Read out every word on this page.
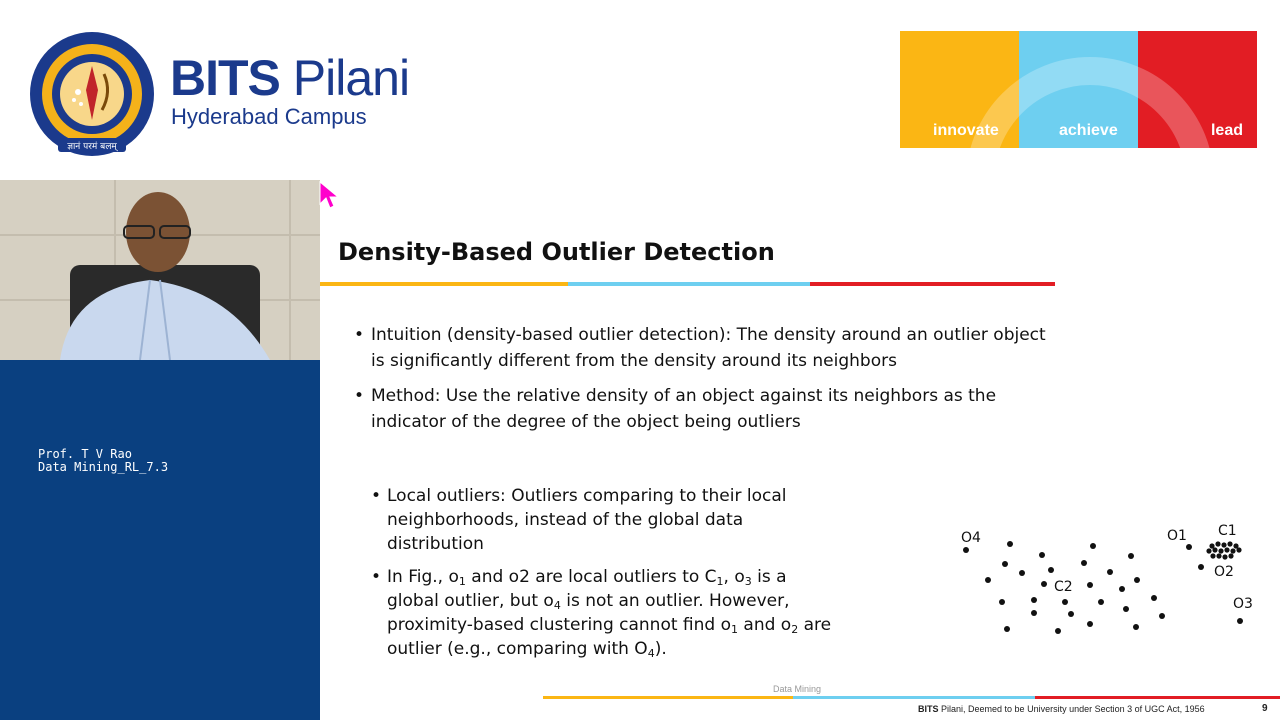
ज्ञानं परमं बलम्
BITS Pilani
Hyderabad Campus
innovate	achieve	lead
Prof. T V Rao
Data Mining_RL_7.3
Density-Based Outlier Detection
• Intuition (density-based outlier detection): The density around an outlier object
is significantly different from the density around its neighbors
• Method: Use the relative density of an object against its neighbors as the
indicator of the degree of the object being outliers
• Local outliers: Outliers comparing to their local
neighborhoods, instead of the global data
distribution
• In Fig., $o_1$ and o2 are local outliers to $C_1$, $o_3$ is a
global outlier, but $o_4$ is not an outlier. However,
proximity-based clustering cannot find $o_1$ and $o_2$ are
outlier (e.g., comparing with $O_4$).
O4	O1 C1
O2
C2
O3
Data Mining
BITS Pilani, Deemed to be University under Section 3 of UGC Act, 1956	9
